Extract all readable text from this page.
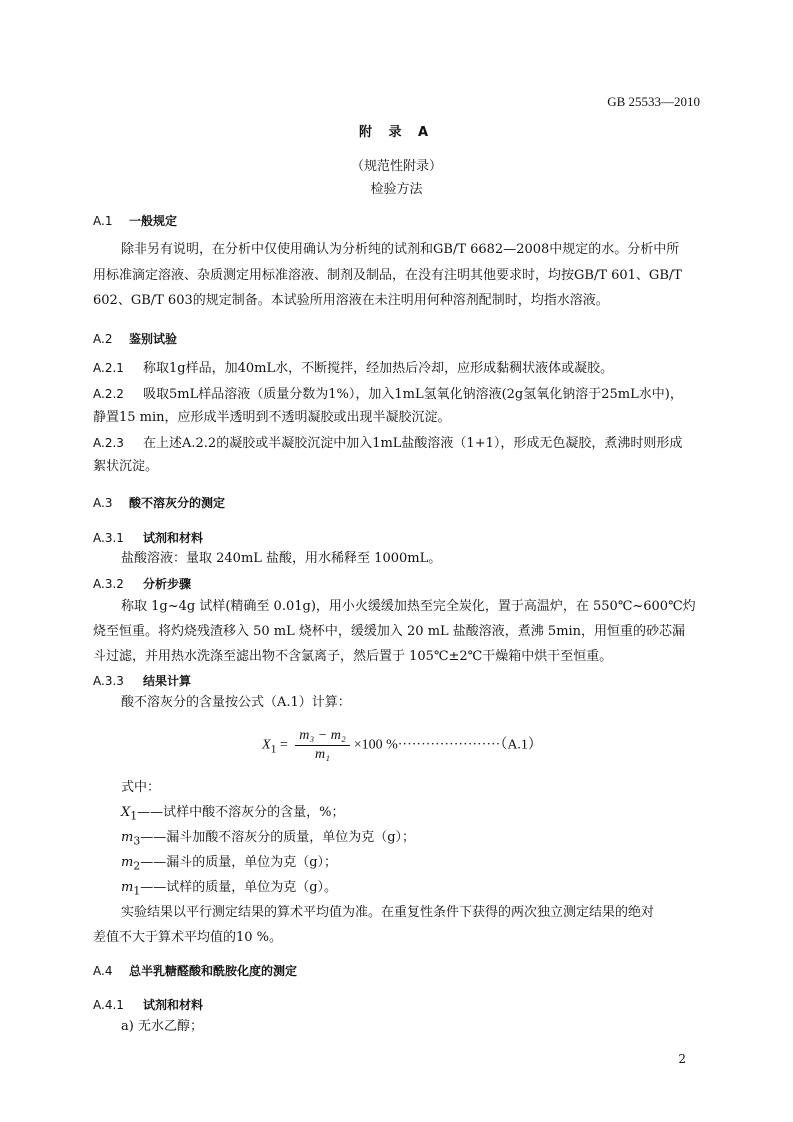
GB 25533—2010
附 录 A
（规范性附录）
检验方法
A.1 一般规定
除非另有说明，在分析中仅使用确认为分析纯的试剂和GB/T 6682—2008中规定的水。分析中所
用标准滴定溶液、杂质测定用标准溶液、制剂及制品，在没有注明其他要求时，均按GB/T 601、GB/T
602、GB/T 603的规定制备。本试验所用溶液在未注明用何种溶剂配制时，均指水溶液。
A.2 鉴别试验
A.2.1 称取1g样品，加40mL水，不断搅拌，经加热后冷却，应形成黏稠状液体或凝胶。
A.2.2 吸取5mL样品溶液（质量分数为1%），加入1mL氢氧化钠溶液(2g氢氧化钠溶于25mL水中)，
静置15 min，应形成半透明到不透明凝胶或出现半凝胶沉淀。
A.2.3 在上述A.2.2的凝胶或半凝胶沉淀中加入1mL盐酸溶液（1+1），形成无色凝胶，煮沸时则形成
絮状沉淀。
A.3 酸不溶灰分的测定
A.3.1 试剂和材料
盐酸溶液：量取 240mL 盐酸，用水稀释至 1000mL。
A.3.2 分析步骤
称取 1g~4g 试样(精确至 0.01g)，用小火缓缓加热至完全炭化，置于高温炉，在 550℃~600℃灼
烧至恒重。将灼烧残渣移入 50 mL 烧杯中，缓缓加入 20 mL 盐酸溶液，煮沸 5min，用恒重的砂芯漏
斗过滤，并用热水洗涤至滤出物不含氯离子，然后置于 105℃±2℃干燥箱中烘干至恒重。
A.3.3 结果计算
酸不溶灰分的含量按公式（A.1）计算：
$X_1 = \frac{\text{m₃ − m₂}}{\text{m₁}} \times 100$ %······················（A.1）
式中：
$X_1——$试样中酸不溶灰分的含量，%；
$m_3——$漏斗加酸不溶灰分的质量，单位为克（g）；
$m_2——$漏斗的质量，单位为克（g）；
$m_1——$试样的质量，单位为克（g）。
实验结果以平行测定结果的算术平均值为准。在重复性条件下获得的两次独立测定结果的绝对
差值不大于算术平均值的10 %。
A.4 总半乳糖醛酸和酰胺化度的测定
A.4.1 试剂和材料
a) 无水乙醇；
2
